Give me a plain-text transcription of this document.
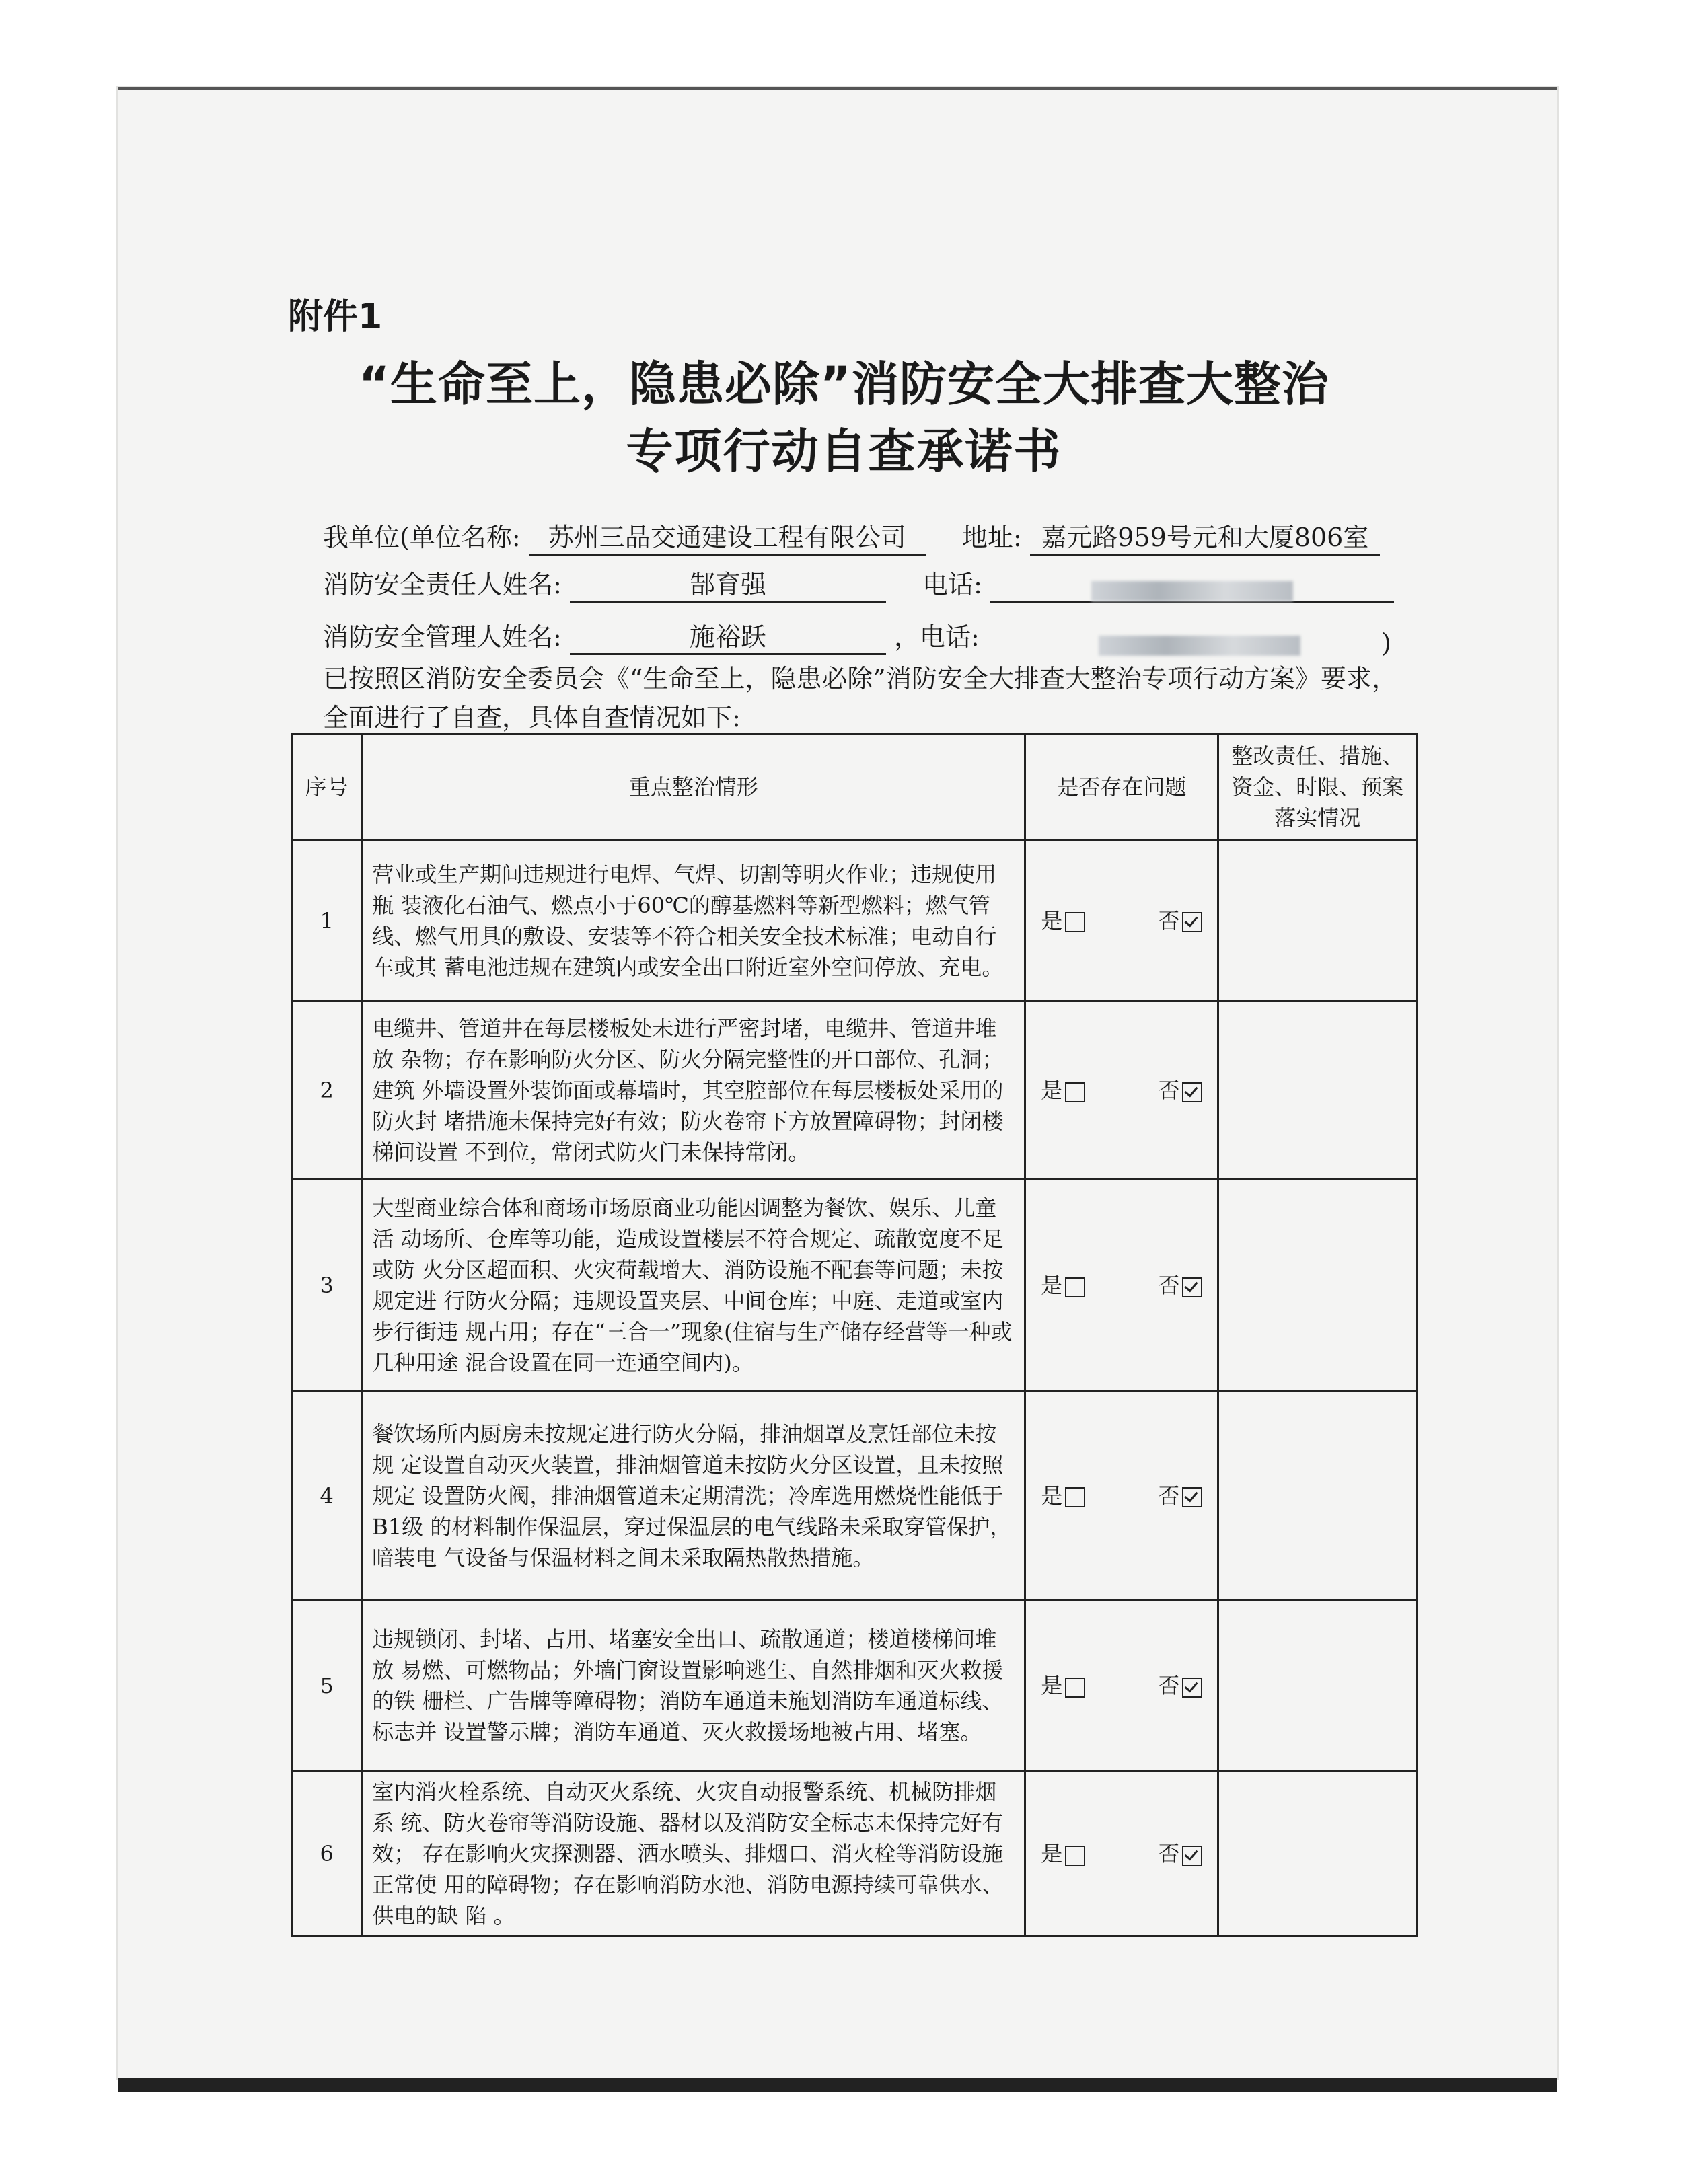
附件1
“生命至上，隐患必除”消防安全大排查大整治
专项行动自查承诺书
我单位(单位名称: 苏州三品交通建设工程有限公司 地址: 嘉元路959号元和大厦806室
消防安全责任人姓名:	郜育强	电话:
消防安全管理人姓名:	施裕跃	，电话:	)
已按照区消防安全委员会《“生命至上，隐患必除”消防安全大排查大整治专项行动方案》要求，
全面进行了自查，具体自查情况如下:
序号	重点整治情形	是否存在问题	整改责任、措施、资金、时限、预案落实情况
1	营业或生产期间违规进行电焊、气焊、切割等明火作业；违规使用瓶 装液化石油气、燃点小于60℃的醇基燃料等新型燃料；燃气管线、燃气用具的敷设、安装等不符合相关安全技术标准；电动自行车或其 蓄电池违规在建筑内或安全出口附近室外空间停放、充电。	是 否	

2	电缆井、管道井在每层楼板处未进行严密封堵，电缆井、管道井堆放 杂物；存在影响防火分区、防火分隔完整性的开口部位、孔洞；建筑 外墙设置外装饰面或幕墙时，其空腔部位在每层楼板处采用的防火封 堵措施未保持完好有效；防火卷帘下方放置障碍物；封闭楼梯间设置 不到位，常闭式防火门未保持常闭。	是 否	

3	大型商业综合体和商场市场原商业功能因调整为餐饮、娱乐、儿童活 动场所、仓库等功能，造成设置楼层不符合规定、疏散宽度不足或防 火分区超面积、火灾荷载增大、消防设施不配套等问题；未按规定进 行防火分隔；违规设置夹层、中间仓库；中庭、走道或室内步行街违 规占用；存在“三合一”现象(住宿与生产储存经营等一种或几种用途 混合设置在同一连通空间内)。	是 否	

4	餐饮场所内厨房未按规定进行防火分隔，排油烟罩及烹饪部位未按规 定设置自动灭火装置，排油烟管道未按防火分区设置，且未按照规定 设置防火阀，排油烟管道未定期清洗；冷库选用燃烧性能低于B1级 的材料制作保温层，穿过保温层的电气线路未采取穿管保护，暗装电 气设备与保温材料之间未采取隔热散热措施。	是 否	

5	违规锁闭、封堵、占用、堵塞安全出口、疏散通道；楼道楼梯间堆放 易燃、可燃物品；外墙门窗设置影响逃生、自然排烟和灭火救援的铁 栅栏、广告牌等障碍物；消防车通道未施划消防车通道标线、标志并 设置警示牌；消防车通道、灭火救援场地被占用、堵塞。	是 否	

6	室内消火栓系统、自动灭火系统、火灾自动报警系统、机械防排烟系 统、防火卷帘等消防设施、器材以及消防安全标志未保持完好有效； 存在影响火灾探测器、洒水喷头、排烟口、消火栓等消防设施正常使 用的障碍物；存在影响消防水池、消防电源持续可靠供水、供电的缺 陷 。	是 否	
